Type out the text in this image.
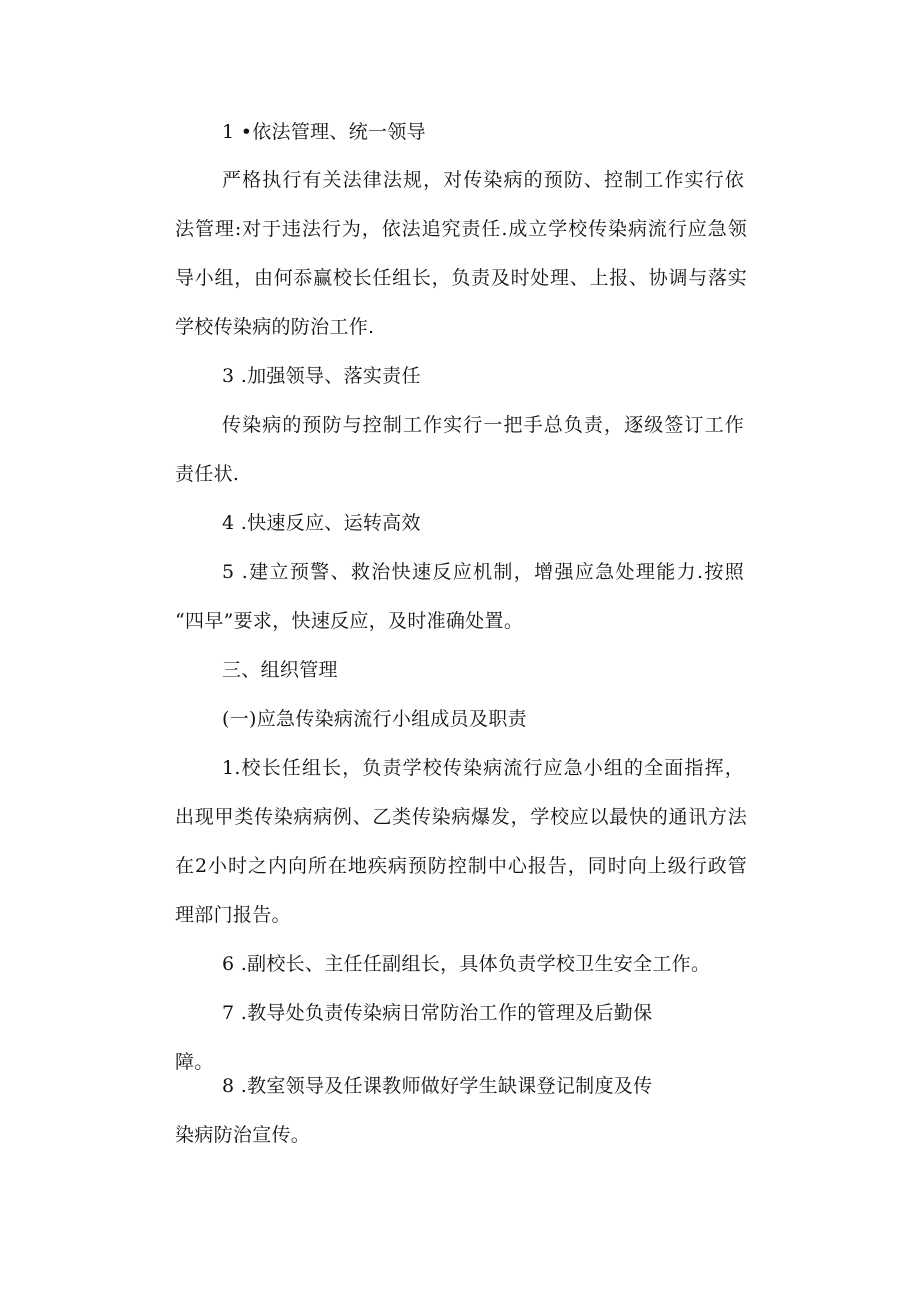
1 •依法管理、统一领导
严格执行有关法律法规，对传染病的预防、控制工作实行依
法管理:对于违法行为，依法追究责任.成立学校传染病流行应急领
导小组，由何忝赢校长任组长，负责及时处理、上报、协调与落实
学校传染病的防治工作.
3 .加强领导、落实责任
传染病的预防与控制工作实行一把手总负责，逐级签订工作
责任状.
4 .快速反应、运转高效
5 .建立预警、救治快速反应机制，增强应急处理能力.按照
“四早”要求，快速反应，及时准确处置。
三、组织管理
(一)应急传染病流行小组成员及职责
1.校长任组长，负责学校传染病流行应急小组的全面指挥，
出现甲类传染病病例、乙类传染病爆发，学校应以最快的通讯方法
在2小时之内向所在地疾病预防控制中心报告，同时向上级行政管
理部门报告。
6 .副校长、主任任副组长，具体负责学校卫生安全工作。
7 .教导处负责传染病日常防治工作的管理及后勤保
障。
8 .教室领导及任课教师做好学生缺课登记制度及传
染病防治宣传。
